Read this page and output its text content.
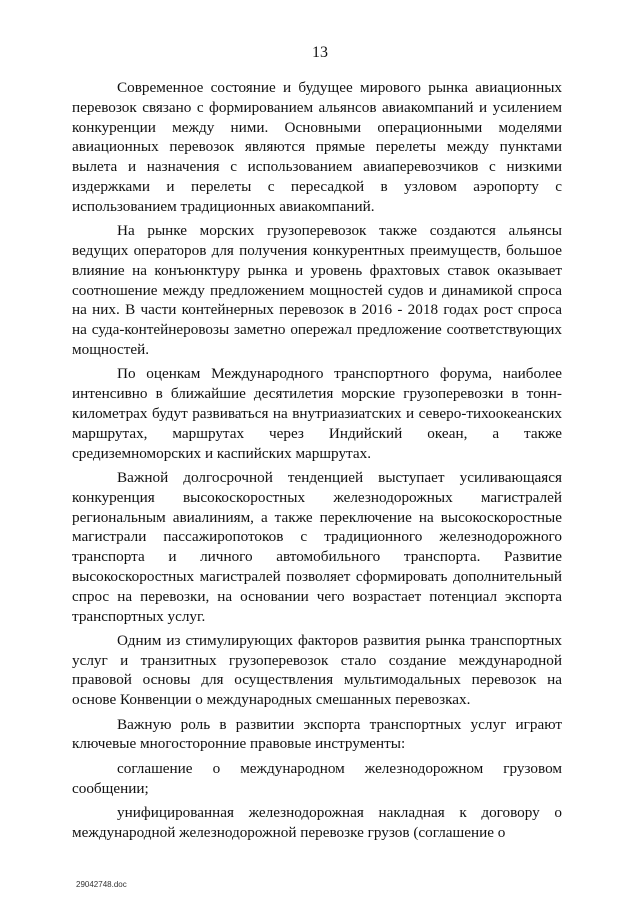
13

Современное состояние и будущее мирового рынка авиационных перевозок связано с формированием альянсов авиакомпаний и усилением конкуренции между ними. Основными операционными моделями авиационных перевозок являются прямые перелеты между пунктами вылета и назначения с использованием авиаперевозчиков с низкими издержками и перелеты с пересадкой в узловом аэропорту с использованием традиционных авиакомпаний.

На рынке морских грузоперевозок также создаются альянсы ведущих операторов для получения конкурентных преимуществ, большое влияние на конъюнктуру рынка и уровень фрахтовых ставок оказывает соотношение между предложением мощностей судов и динамикой спроса на них. В части контейнерных перевозок в 2016 - 2018 годах рост спроса на суда-контейнеровозы заметно опережал предложение соответствующих мощностей.

По оценкам Международного транспортного форума, наиболее интенсивно в ближайшие десятилетия морские грузоперевозки в тонн-километрах будут развиваться на внутриазиатских и северо-тихоокеанских маршрутах, маршрутах через Индийский океан, а также средиземноморских и каспийских маршрутах.

Важной долгосрочной тенденцией выступает усиливающаяся конкуренция высокоскоростных железнодорожных магистралей региональным авиалиниям, а также переключение на высокоскоростные магистрали пассажиропотоков с традиционного железнодорожного транспорта и личного автомобильного транспорта. Развитие высокоскоростных магистралей позволяет сформировать дополнительный спрос на перевозки, на основании чего возрастает потенциал экспорта транспортных услуг.

Одним из стимулирующих факторов развития рынка транспортных услуг и транзитных грузоперевозок стало создание международной правовой основы для осуществления мультимодальных перевозок на основе Конвенции о международных смешанных перевозках.

Важную роль в развитии экспорта транспортных услуг играют ключевые многосторонние правовые инструменты:

соглашение о международном железнодорожном грузовом сообщении;

унифицированная железнодорожная накладная к договору о международной железнодорожной перевозке грузов (соглашение о

29042748.doc
